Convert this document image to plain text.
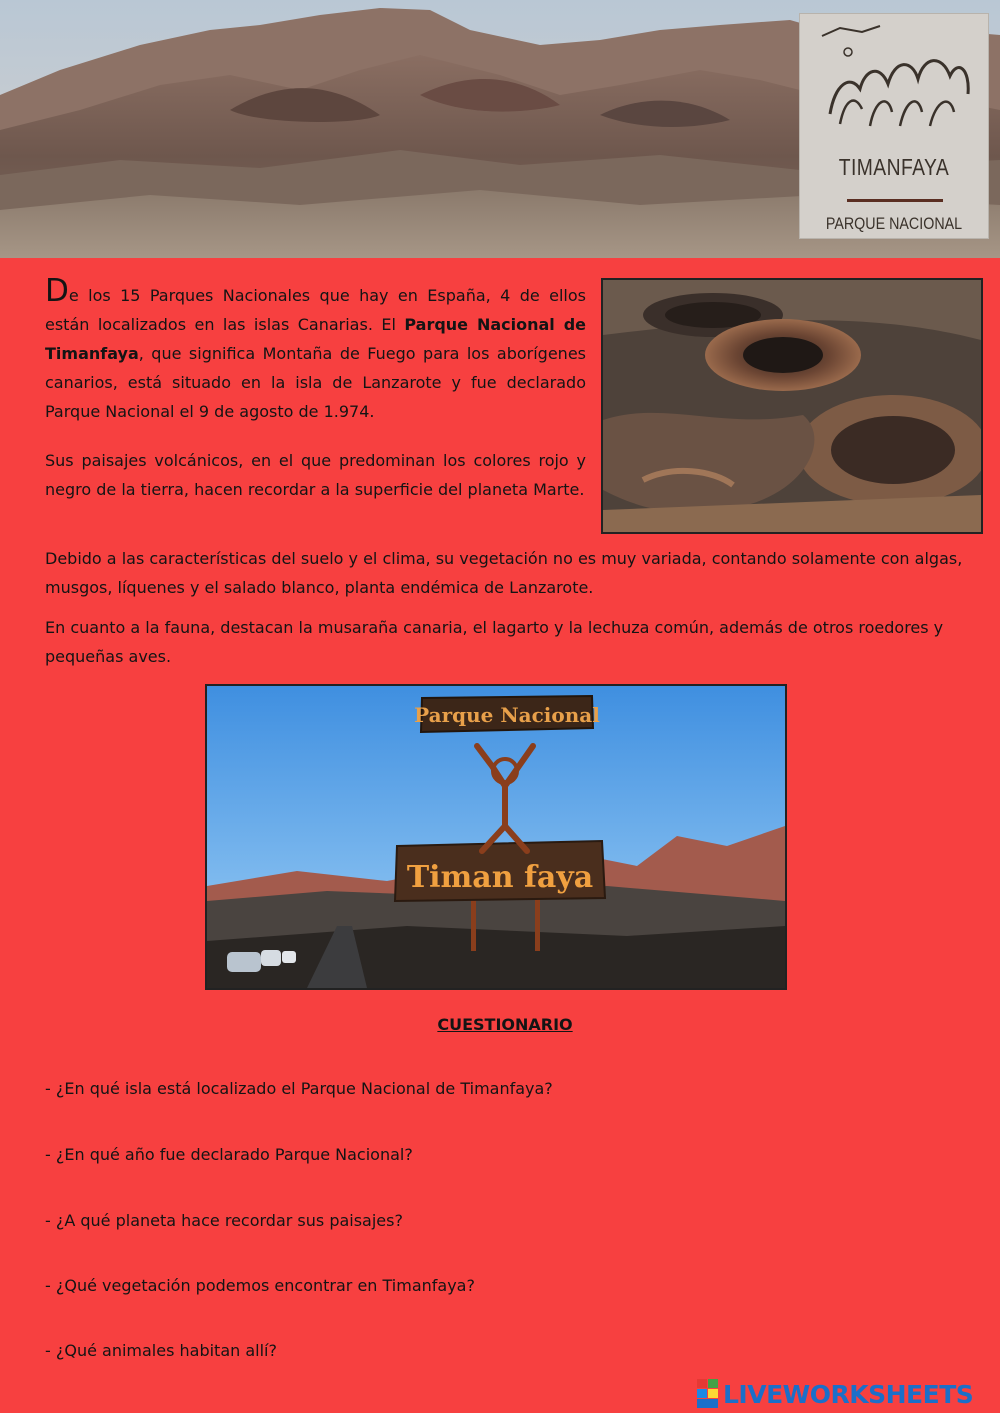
TIMANFAYA
PARQUE NACIONAL

De los 15 Parques Nacionales que hay en España, 4 de ellos están localizados en las islas Canarias. El Parque Nacional de Timanfaya, que significa Montaña de Fuego para los aborígenes canarios, está situado en la isla de Lanzarote y fue declarado Parque Nacional el 9 de agosto de 1.974.

Sus paisajes volcánicos, en el que predominan los colores rojo y negro de la tierra, hacen recordar a la superficie del planeta Marte.

Debido a las características del suelo y el clima, su vegetación no es muy variada, contando solamente con algas, musgos, líquenes y el salado blanco, planta endémica de Lanzarote.

En cuanto a la fauna, destacan la musaraña canaria, el lagarto y la lechuza común, además de otros roedores y pequeñas aves.

Parque Nacional
Timan faya
CUESTIONARIO

- ¿En qué isla está localizado el Parque Nacional de Timanfaya?

- ¿En qué año fue declarado Parque Nacional?

- ¿A qué planeta hace recordar sus paisajes?

- ¿Qué vegetación podemos encontrar en Timanfaya?

- ¿Qué animales habitan allí?

LIVEWORKSHEETS
